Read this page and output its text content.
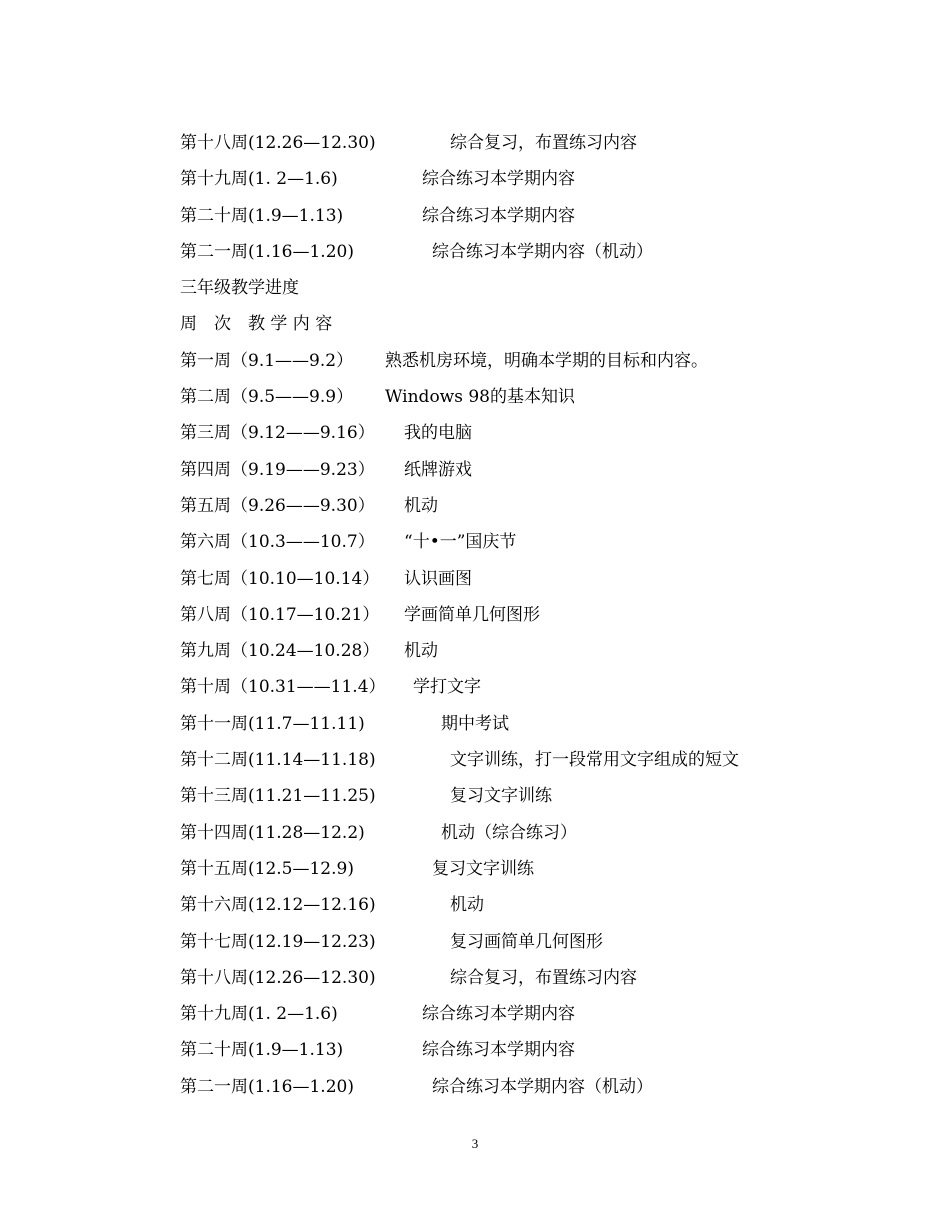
第十八周(12.26—12.30)	综合复习，布置练习内容
第十九周(1. 2—1.6)	综合练习本学期内容
第二十周(1.9—1.13)	综合练习本学期内容
第二一周(1.16—1.20)	综合练习本学期内容（机动）
三年级教学进度
周　次　教 学 内 容
第一周（9.1——9.2） 熟悉机房环境，明确本学期的目标和内容。
第二周（9.5——9.9） Windows 98的基本知识
第三周（9.12——9.16） 我的电脑
第四周（9.19——9.23） 纸牌游戏
第五周（9.26——9.30） 机动
第六周（10.3——10.7） “十•一”国庆节
第七周（10.10—10.14） 认识画图
第八周（10.17—10.21） 学画简单几何图形
第九周（10.24—10.28） 机动
第十周（10.31——11.4） 学打文字
第十一周(11.7—11.11)	期中考试
第十二周(11.14—11.18)	文字训练，打一段常用文字组成的短文
第十三周(11.21—11.25)	复习文字训练
第十四周(11.28—12.2)	机动（综合练习）
第十五周(12.5—12.9)	复习文字训练
第十六周(12.12—12.16)	机动
第十七周(12.19—12.23)	复习画简单几何图形
第十八周(12.26—12.30)	综合复习，布置练习内容
第十九周(1. 2—1.6)	综合练习本学期内容
第二十周(1.9—1.13)	综合练习本学期内容
第二一周(1.16—1.20)	综合练习本学期内容（机动）
3
